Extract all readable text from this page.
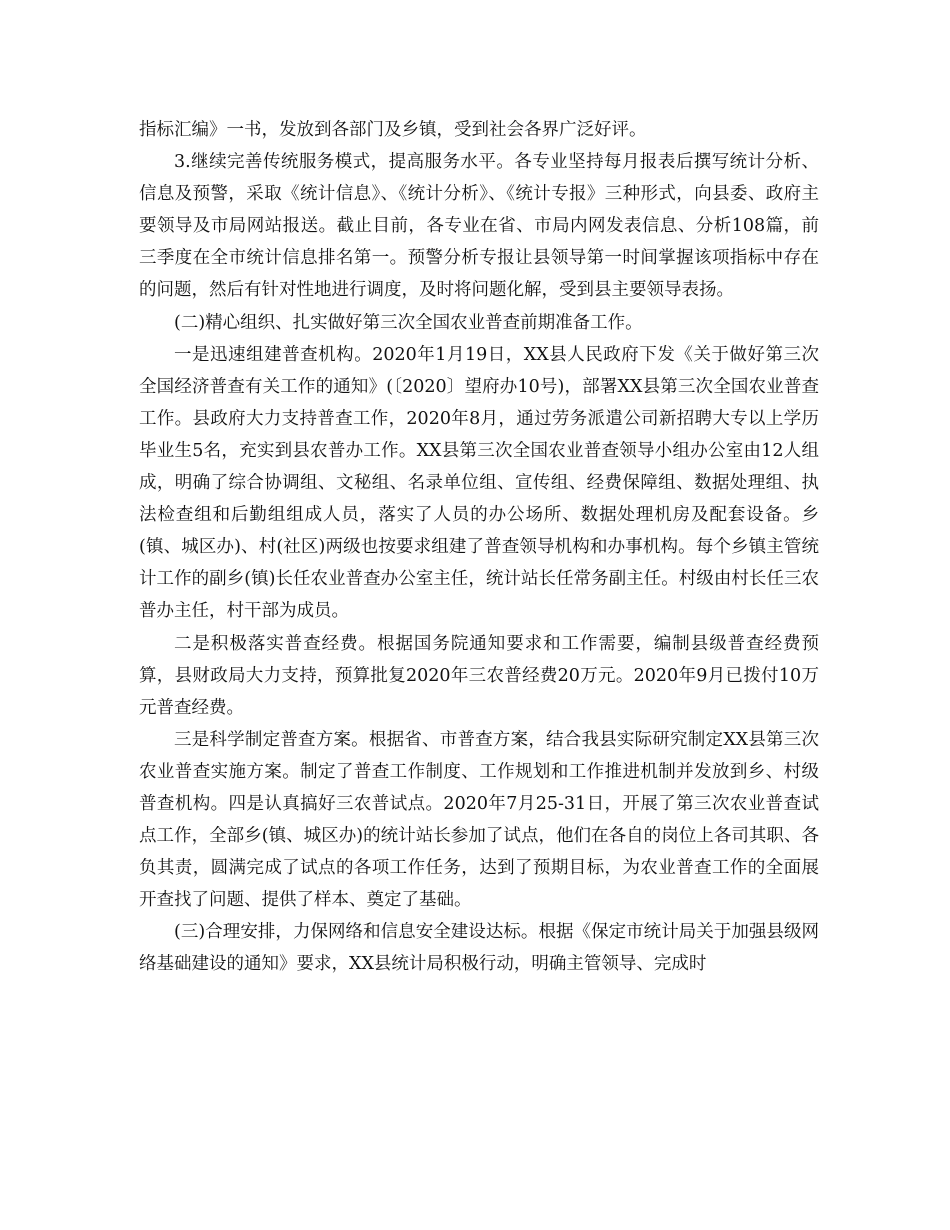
指标汇编》一书，发放到各部门及乡镇，受到社会各界广泛好评。

3.继续完善传统服务模式，提高服务水平。各专业坚持每月报表后撰写统计分析、信息及预警，采取《统计信息》、《统计分析》、《统计专报》三种形式，向县委、政府主要领导及市局网站报送。截止目前，各专业在省、市局内网发表信息、分析108篇，前三季度在全市统计信息排名第一。预警分析专报让县领导第一时间掌握该项指标中存在的问题，然后有针对性地进行调度，及时将问题化解，受到县主要领导表扬。

(二)精心组织、扎实做好第三次全国农业普查前期准备工作。

一是迅速组建普查机构。2020年1月19日，XX县人民政府下发《关于做好第三次全国经济普查有关工作的通知》(〔2020〕望府办10号)，部署XX县第三次全国农业普查工作。县政府大力支持普查工作，2020年8月，通过劳务派遣公司新招聘大专以上学历毕业生5名，充实到县农普办工作。XX县第三次全国农业普查领导小组办公室由12人组成，明确了综合协调组、文秘组、名录单位组、宣传组、经费保障组、数据处理组、执法检查组和后勤组组成人员，落实了人员的办公场所、数据处理机房及配套设备。乡(镇、城区办)、村(社区)两级也按要求组建了普查领导机构和办事机构。每个乡镇主管统计工作的副乡(镇)长任农业普查办公室主任，统计站长任常务副主任。村级由村长任三农普办主任，村干部为成员。

二是积极落实普查经费。根据国务院通知要求和工作需要，编制县级普查经费预算，县财政局大力支持，预算批复2020年三农普经费20万元。2020年9月已拨付10万元普查经费。

三是科学制定普查方案。根据省、市普查方案，结合我县实际研究制定XX县第三次农业普查实施方案。制定了普查工作制度、工作规划和工作推进机制并发放到乡、村级普查机构。四是认真搞好三农普试点。2020年7月25-31日，开展了第三次农业普查试点工作，全部乡(镇、城区办)的统计站长参加了试点，他们在各自的岗位上各司其职、各负其责，圆满完成了试点的各项工作任务，达到了预期目标，为农业普查工作的全面展开查找了问题、提供了样本、奠定了基础。

(三)合理安排，力保网络和信息安全建设达标。根据《保定市统计局关于加强县级网络基础建设的通知》要求，XX县统计局积极行动，明确主管领导、完成时
